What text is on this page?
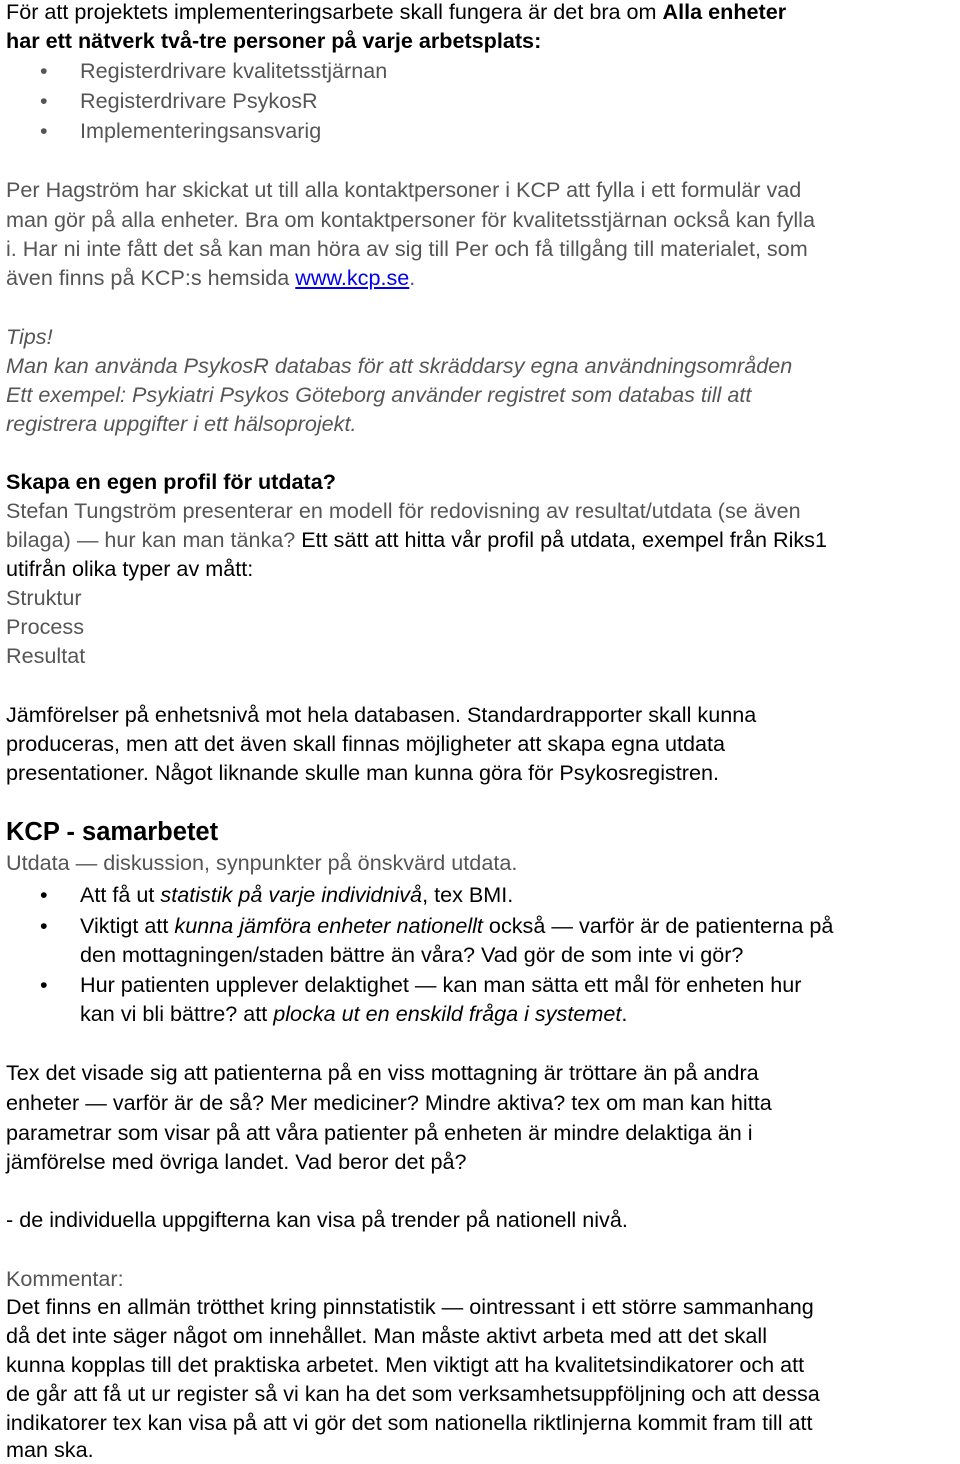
För att projektets implementeringsarbete skall fungera är det bra om Alla enheter
har ett nätverk två-tre personer på varje arbetsplats:
• Registerdrivare kvalitetsstjärnan
• Registerdrivare PsykosR
• Implementeringsansvarig
Per Hagström har skickat ut till alla kontaktpersoner i KCP att fylla i ett formulär vad
man gör på alla enheter. Bra om kontaktpersoner för kvalitetsstjärnan också kan fylla
i. Har ni inte fått det så kan man höra av sig till Per och få tillgång till materialet, som
även finns på KCP:s hemsida www.kcp.se.
Tips!
Man kan använda PsykosR databas för att skräddarsy egna användningsområden
Ett exempel: Psykiatri Psykos Göteborg använder registret som databas till att
registrera uppgifter i ett hälsoprojekt.
Skapa en egen profil för utdata?
Stefan Tungström presenterar en modell för redovisning av resultat/utdata (se även
bilaga) — hur kan man tänka? Ett sätt att hitta vår profil på utdata, exempel från Riks1
utifrån olika typer av mått:
Struktur
Process
Resultat
Jämförelser på enhetsnivå mot hela databasen. Standardrapporter skall kunna
produceras, men att det även skall finnas möjligheter att skapa egna utdata
presentationer. Något liknande skulle man kunna göra för Psykosregistren.
KCP - samarbetet
Utdata — diskussion, synpunkter på önskvärd utdata.
• Att få ut statistik på varje individnivå, tex BMI.
• Viktigt att kunna jämföra enheter nationellt också — varför är de patienterna på
den mottagningen/staden bättre än våra? Vad gör de som inte vi gör?
• Hur patienten upplever delaktighet — kan man sätta ett mål för enheten hur
kan vi bli bättre? att plocka ut en enskild fråga i systemet.
Tex det visade sig att patienterna på en viss mottagning är tröttare än på andra
enheter — varför är de så? Mer mediciner? Mindre aktiva? tex om man kan hitta
parametrar som visar på att våra patienter på enheten är mindre delaktiga än i
jämförelse med övriga landet. Vad beror det på?
- de individuella uppgifterna kan visa på trender på nationell nivå.
Kommentar:
Det finns en allmän trötthet kring pinnstatistik — ointressant i ett större sammanhang
då det inte säger något om innehållet. Man måste aktivt arbeta med att det skall
kunna kopplas till det praktiska arbetet. Men viktigt att ha kvalitetsindikatorer och att
de går att få ut ur register så vi kan ha det som verksamhetsuppföljning och att dessa
indikatorer tex kan visa på att vi gör det som nationella riktlinjerna kommit fram till att
man ska.
